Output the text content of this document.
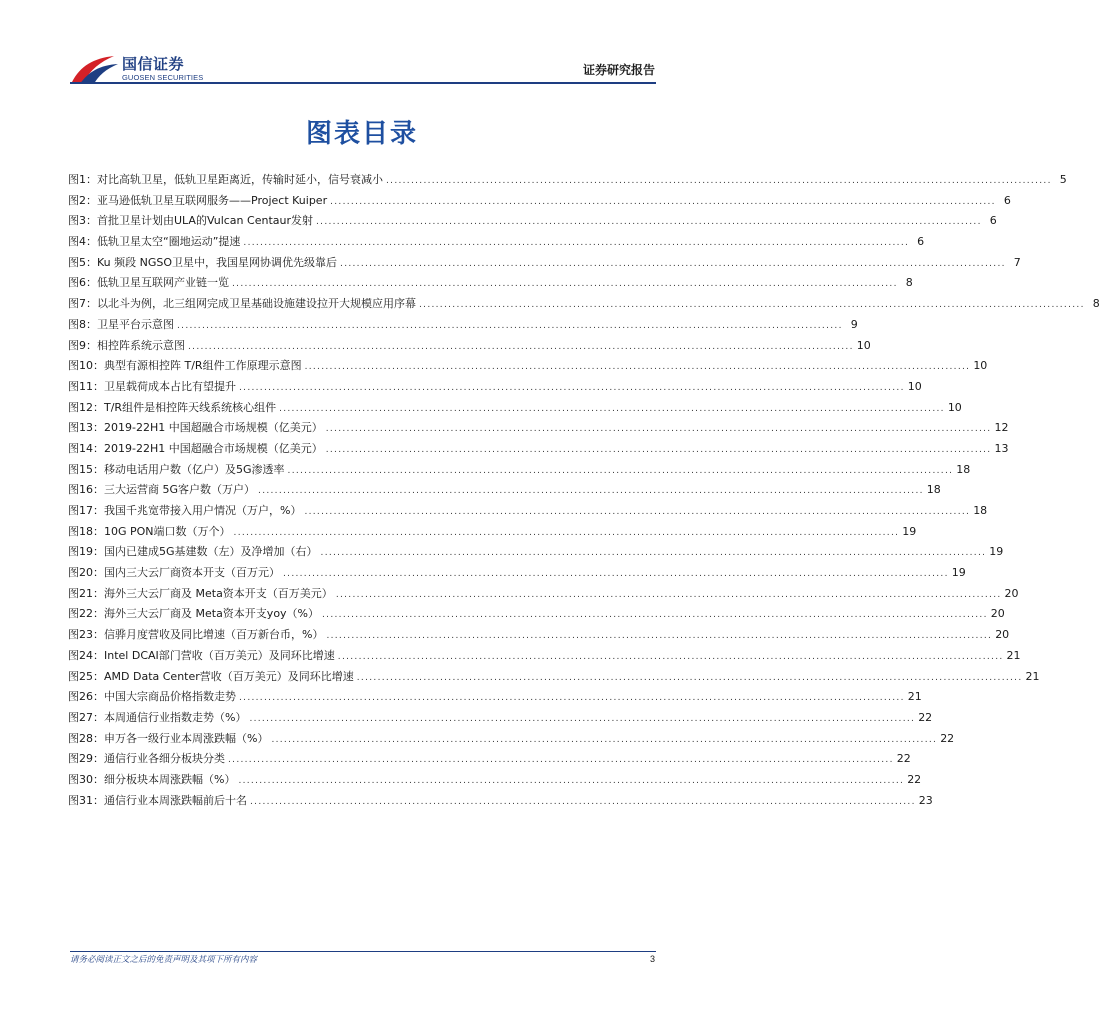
国信证券
GUOSEN SECURITIES
证券研究报告
图表目录
图1： 对比高轨卫星，低轨卫星距离近，传输时延小，信号衰减小 ................................................................................................................................................................ 5
图2： 亚马逊低轨卫星互联网服务——Project Kuiper ................................................................................................................................................................ 6
图3： 首批卫星计划由ULA的Vulcan Centaur发射 ................................................................................................................................................................ 6
图4： 低轨卫星太空“圈地运动”提速 ................................................................................................................................................................ 6
图5： Ku 频段 NGSO卫星中，我国星网协调优先级靠后 ................................................................................................................................................................ 7
图6： 低轨卫星互联网产业链一览 ................................................................................................................................................................ 8
图7： 以北斗为例，北三组网完成卫星基础设施建设拉开大规模应用序幕 ................................................................................................................................................................ 8
图8： 卫星平台示意图 ................................................................................................................................................................ 9
图9： 相控阵系统示意图 ................................................................................................................................................................ 10
图10： 典型有源相控阵 T/R组件工作原理示意图 ................................................................................................................................................................ 10
图11： 卫星载荷成本占比有望提升 ................................................................................................................................................................ 10
图12： T/R组件是相控阵天线系统核心组件 ................................................................................................................................................................ 10
图13： 2019-22H1 中国超融合市场规模（亿美元） ................................................................................................................................................................ 12
图14： 2019-22H1 中国超融合市场规模（亿美元） ................................................................................................................................................................ 13
图15： 移动电话用户数（亿户）及5G渗透率 ................................................................................................................................................................ 18
图16： 三大运营商 5G客户数（万户） ................................................................................................................................................................ 18
图17： 我国千兆宽带接入用户情况（万户，%） ................................................................................................................................................................ 18
图18： 10G PON端口数（万个） ................................................................................................................................................................ 19
图19： 国内已建成5G基建数（左）及净增加（右） ................................................................................................................................................................ 19
图20： 国内三大云厂商资本开支（百万元） ................................................................................................................................................................ 19
图21： 海外三大云厂商及 Meta资本开支（百万美元） ................................................................................................................................................................ 20
图22： 海外三大云厂商及 Meta资本开支yoy（%） ................................................................................................................................................................ 20
图23： 信骅月度营收及同比增速（百万新台币，%） ................................................................................................................................................................ 20
图24： Intel DCAI部门营收（百万美元）及同环比增速 ................................................................................................................................................................ 21
图25： AMD Data Center营收（百万美元）及同环比增速 ................................................................................................................................................................ 21
图26： 中国大宗商品价格指数走势 ................................................................................................................................................................ 21
图27： 本周通信行业指数走势（%） ................................................................................................................................................................ 22
图28： 申万各一级行业本周涨跌幅（%） ................................................................................................................................................................ 22
图29： 通信行业各细分板块分类 ................................................................................................................................................................ 22
图30： 细分板块本周涨跌幅（%） ................................................................................................................................................................ 22
图31： 通信行业本周涨跌幅前后十名 ................................................................................................................................................................ 23
请务必阅读正文之后的免责声明及其项下所有内容	3
